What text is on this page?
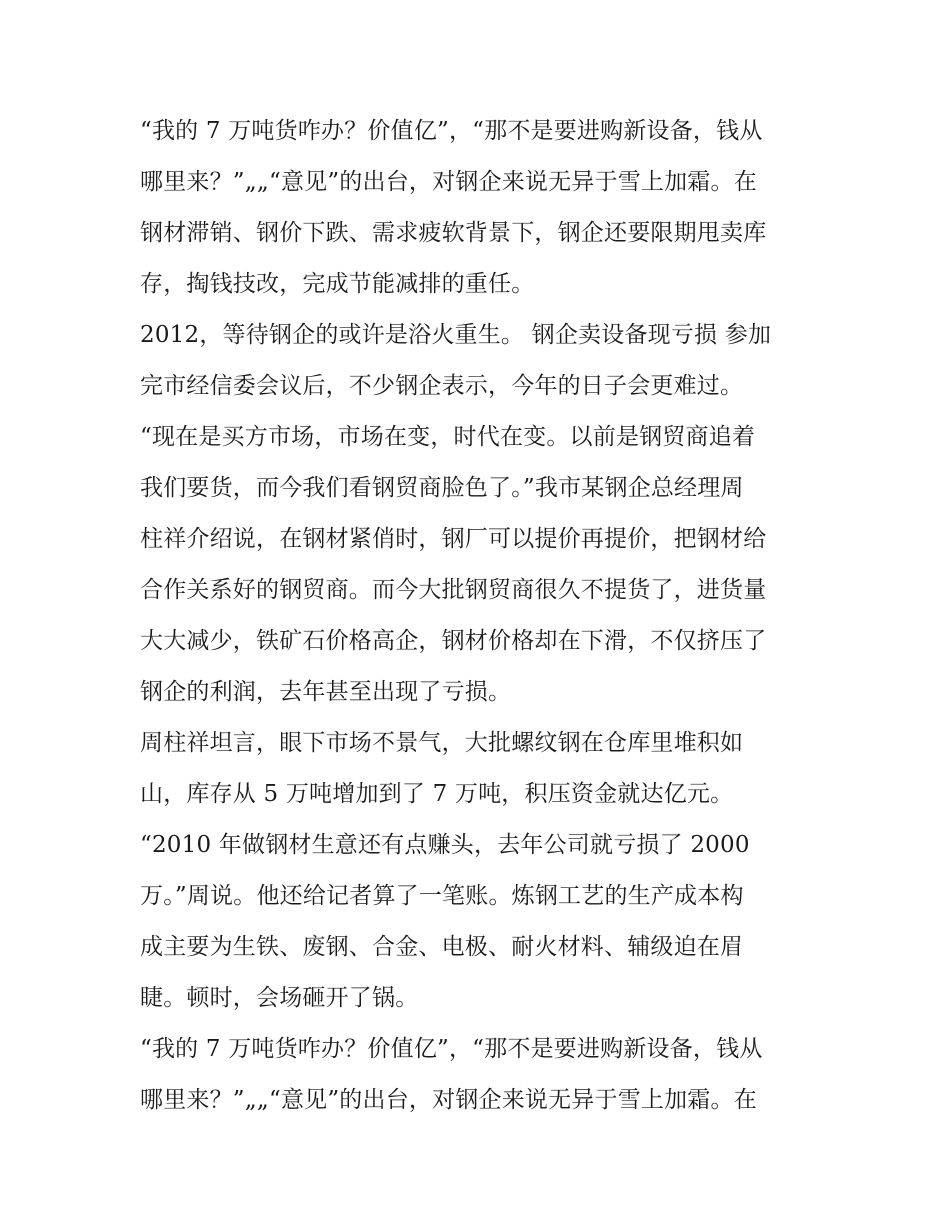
“我的 7 万吨货咋办？价值亿”，“那不是要进购新设备，钱从
哪里来？”„„“意见”的出台，对钢企来说无异于雪上加霜。在
钢材滞销、钢价下跌、需求疲软背景下，钢企还要限期甩卖库
存，掏钱技改，完成节能减排的重任。
2012，等待钢企的或许是浴火重生。 钢企卖设备现亏损 参加
完市经信委会议后，不少钢企表示，今年的日子会更难过。
“现在是买方市场，市场在变，时代在变。以前是钢贸商追着
我们要货，而今我们看钢贸商脸色了。”我市某钢企总经理周
柱祥介绍说，在钢材紧俏时，钢厂可以提价再提价，把钢材给
合作关系好的钢贸商。而今大批钢贸商很久不提货了，进货量
大大减少，铁矿石价格高企，钢材价格却在下滑，不仅挤压了
钢企的利润，去年甚至出现了亏损。
周柱祥坦言，眼下市场不景气，大批螺纹钢在仓库里堆积如
山，库存从 5 万吨增加到了 7 万吨，积压资金就达亿元。
“2010 年做钢材生意还有点赚头，去年公司就亏损了 2000
万。”周说。他还给记者算了一笔账。炼钢工艺的生产成本构
成主要为生铁、废钢、合金、电极、耐火材料、辅级迫在眉
睫。顿时，会场砸开了锅。
“我的 7 万吨货咋办？价值亿”，“那不是要进购新设备，钱从
哪里来？”„„“意见”的出台，对钢企来说无异于雪上加霜。在
